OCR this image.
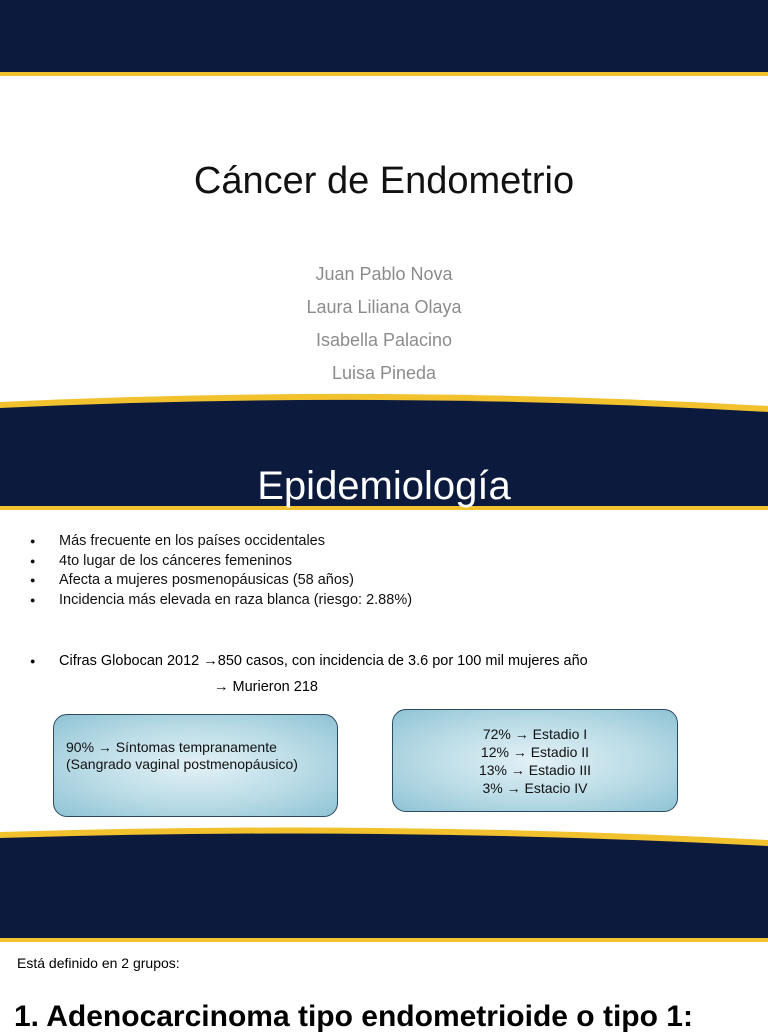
Cáncer de Endometrio
Juan Pablo Nova
Laura Liliana Olaya
Isabella Palacino
Luisa Pineda
Epidemiología
● Más frecuente en los países occidentales
● 4to lugar de los cánceres femeninos
● Afecta a mujeres posmenopáusicas (58 años)
● Incidencia más elevada en raza blanca (riesgo: 2.88%)
● Cifras Globocan 2012 →850 casos, con incidencia de 3.6 por 100 mil mujeres año
→ Murieron 218
90% → Síntomas tempranamente
(Sangrado vaginal postmenopáusico)
72% → Estadio I
12% → Estadio II
13% → Estadio III
3% → Estacio IV
Está definido en 2 grupos:
1. Adenocarcinoma tipo endometrioide o tipo 1:
